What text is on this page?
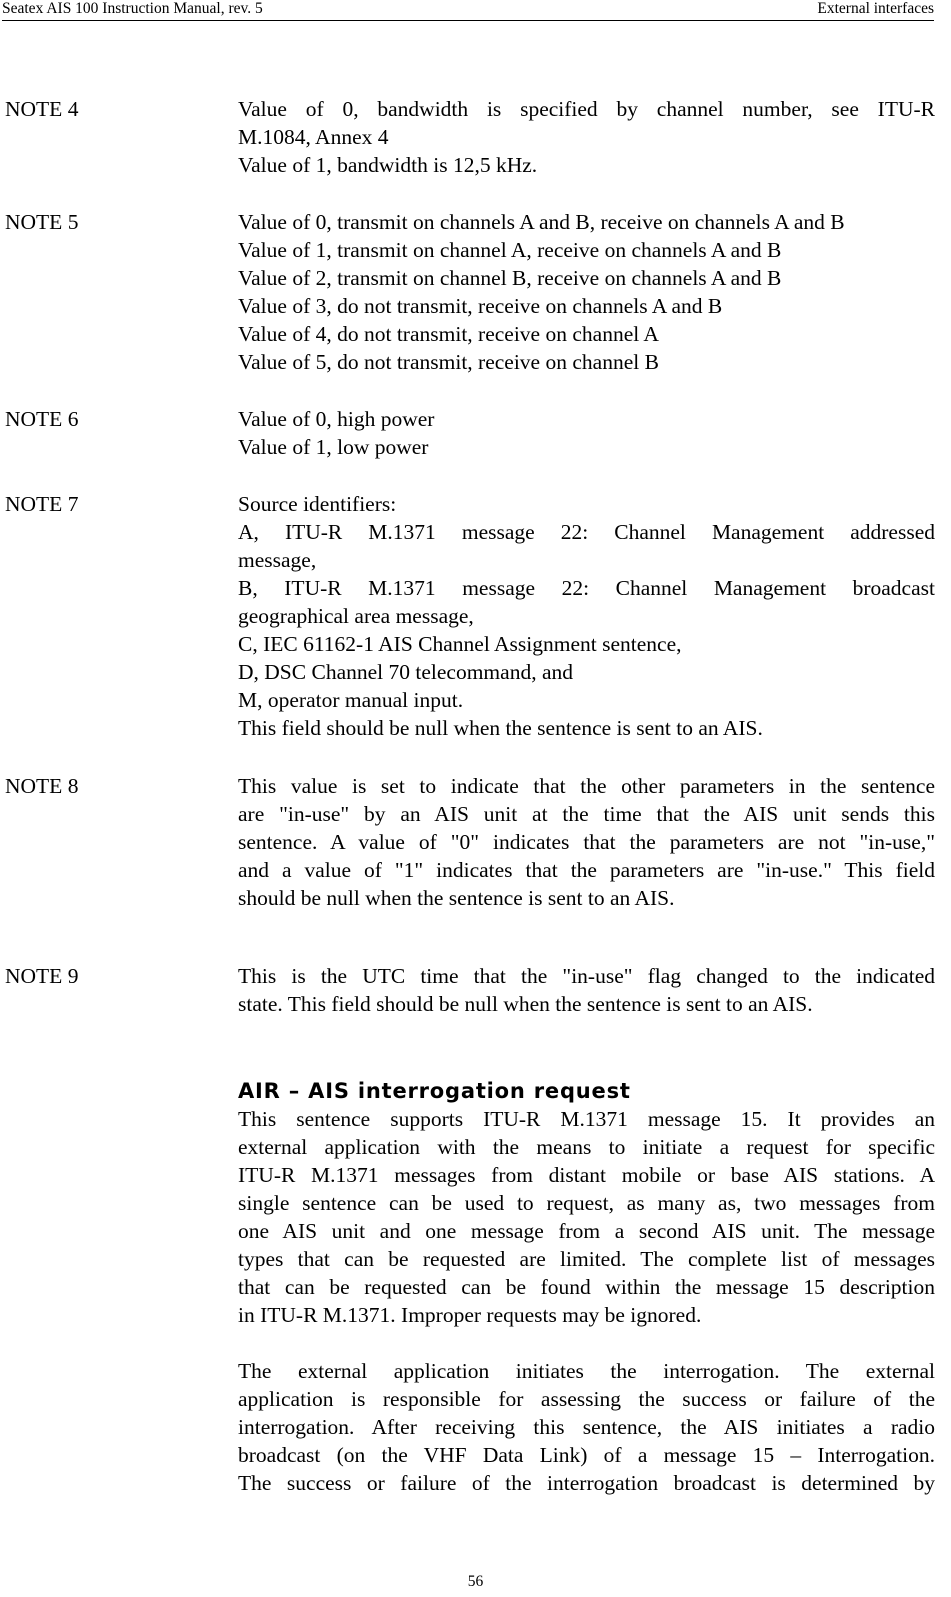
Seatex AIS 100 Instruction Manual, rev. 5	External interfaces
NOTE 4	Value of 0, bandwidth is specified by channel number, see ITU-R
M.1084, Annex 4
Value of 1, bandwidth is 12,5 kHz.
NOTE 5	Value of 0, transmit on channels A and B, receive on channels A and B
Value of 1, transmit on channel A, receive on channels A and B
Value of 2, transmit on channel B, receive on channels A and B
Value of 3, do not transmit, receive on channels A and B
Value of 4, do not transmit, receive on channel A
Value of 5, do not transmit, receive on channel B
NOTE 6	Value of 0, high power
Value of 1, low power
NOTE 7	Source identifiers:
A, ITU-R M.1371 message 22: Channel Management addressed
message,
B, ITU-R M.1371 message 22: Channel Management broadcast
geographical area message,
C, IEC 61162-1 AIS Channel Assignment sentence,
D, DSC Channel 70 telecommand, and
M, operator manual input.
This field should be null when the sentence is sent to an AIS.
NOTE 8	This value is set to indicate that the other parameters in the sentence
are "in-use" by an AIS unit at the time that the AIS unit sends this
sentence. A value of "0" indicates that the parameters are not "in-use,"
and a value of "1" indicates that the parameters are "in-use." This field
should be null when the sentence is sent to an AIS.
NOTE 9	This is the UTC time that the "in-use" flag changed to the indicated
state. This field should be null when the sentence is sent to an AIS.
AIR – AIS interrogation request
This sentence supports ITU-R M.1371 message 15. It provides an
external application with the means to initiate a request for specific
ITU-R M.1371 messages from distant mobile or base AIS stations. A
single sentence can be used to request, as many as, two messages from
one AIS unit and one message from a second AIS unit. The message
types that can be requested are limited. The complete list of messages
that can be requested can be found within the message 15 description
in ITU-R M.1371. Improper requests may be ignored.
The external application initiates the interrogation. The external
application is responsible for assessing the success or failure of the
interrogation. After receiving this sentence, the AIS initiates a radio
broadcast (on the VHF Data Link) of a message 15 – Interrogation.
The success or failure of the interrogation broadcast is determined by
56
